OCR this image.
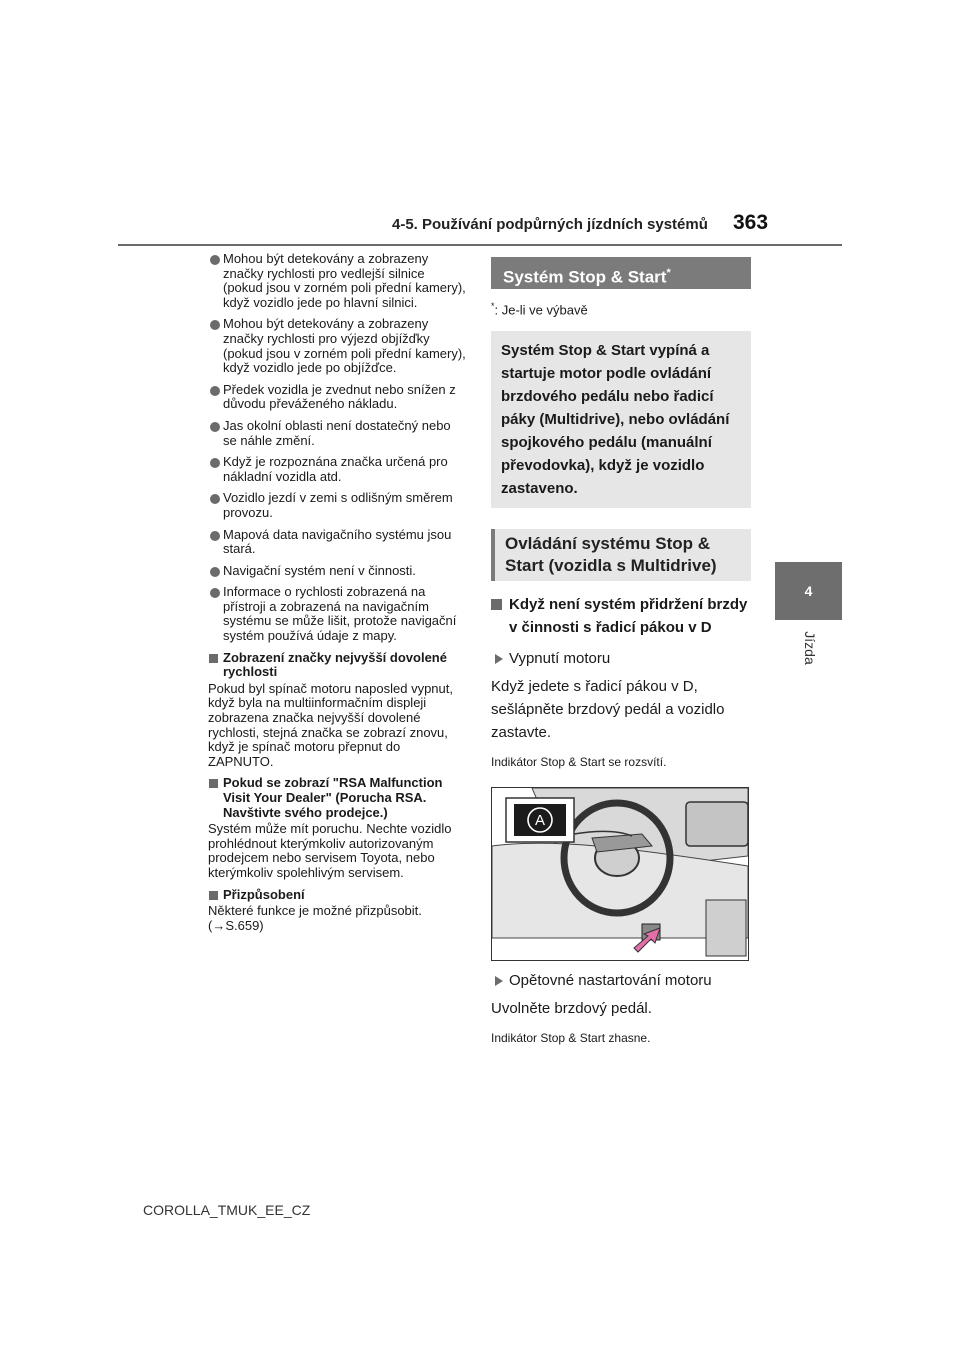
4-5. Používání podpůrných jízdních systémů 363
4
Jízda
Mohou být detekovány a zobrazeny značky rychlosti pro vedlejší silnice (pokud jsou v zorném poli přední kamery), když vozidlo jede po hlavní silnici.
Mohou být detekovány a zobrazeny značky rychlosti pro výjezd objížďky (pokud jsou v zorném poli přední kamery), když vozidlo jede po objížďce.
Předek vozidla je zvednut nebo snížen z důvodu převáženého nákladu.
Jas okolní oblasti není dostatečný nebo se náhle změní.
Když je rozpoznána značka určená pro nákladní vozidla atd.
Vozidlo jezdí v zemi s odlišným směrem provozu.
Mapová data navigačního systému jsou stará.
Navigační systém není v činnosti.
Informace o rychlosti zobrazená na přístroji a zobrazená na navigačním systému se může lišit, protože navigační systém používá údaje z mapy.
Zobrazení značky nejvyšší dovolené rychlosti
Pokud byl spínač motoru naposled vypnut, když byla na multiinformačním displeji zobrazena značka nejvyšší dovolené rychlosti, stejná značka se zobrazí znovu, když je spínač motoru přepnut do ZAPNUTO.
Pokud se zobrazí "RSA Malfunction Visit Your Dealer" (Porucha RSA. Navštivte svého prodejce.)
Systém může mít poruchu. Nechte vozidlo prohlédnout kterýmkoliv autorizovaným prodejcem nebo servisem Toyota, nebo kterýmkoliv spolehlivým servisem.
Přizpůsobení
Některé funkce je možné přizpůsobit.
(→S.659)
Systém Stop & Start*
*: Je-li ve výbavě
Systém Stop & Start vypíná a startuje motor podle ovládání brzdového pedálu nebo řadicí páky (Multidrive), nebo ovládání spojkového pedálu (manuální převodovka), když je vozidlo zastaveno.
Ovládání systému Stop & Start (vozidla s Multidrive)
Když není systém přidržení brzdy v činnosti s řadicí pákou v D
Vypnutí motoru
Když jedete s řadicí pákou v D, sešlápněte brzdový pedál a vozidlo zastavte.
Indikátor Stop & Start se rozsvítí.
A
Opětovné nastartování motoru
Uvolněte brzdový pedál.
Indikátor Stop & Start zhasne.
COROLLA_TMUK_EE_CZ
